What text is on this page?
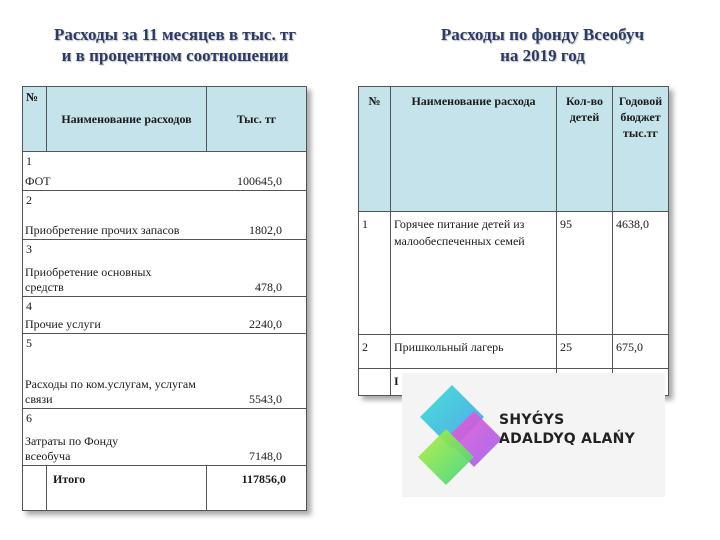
Расходы за 11 месяцев в тыс. тг
и в процентном соотношении
Расходы по фонду Всеобуч
на 2019 год
№	Наименование расходов	Тыс. тг

1
ФОТ 100645,0		

2
Приобретение прочих запасов 1802,0		

3
Приобретение основных средств 478,0		

4
Прочие услуги 2240,0		

5
Расходы по ком.услугам, услугам связи 5543,0		

6
Затраты по Фонду всеобуча 7148,0		

	Итого	117856,0
№	Наименование расхода	Кол-во детей	Годовой бюджет тыс.тг
1	Горячее питание детей из малообеспеченных семей	95	4638,0
2	Пришкольный лагерь	25	675,0
	I		
SHYǴYS
ADALDYQ ALAŃY
